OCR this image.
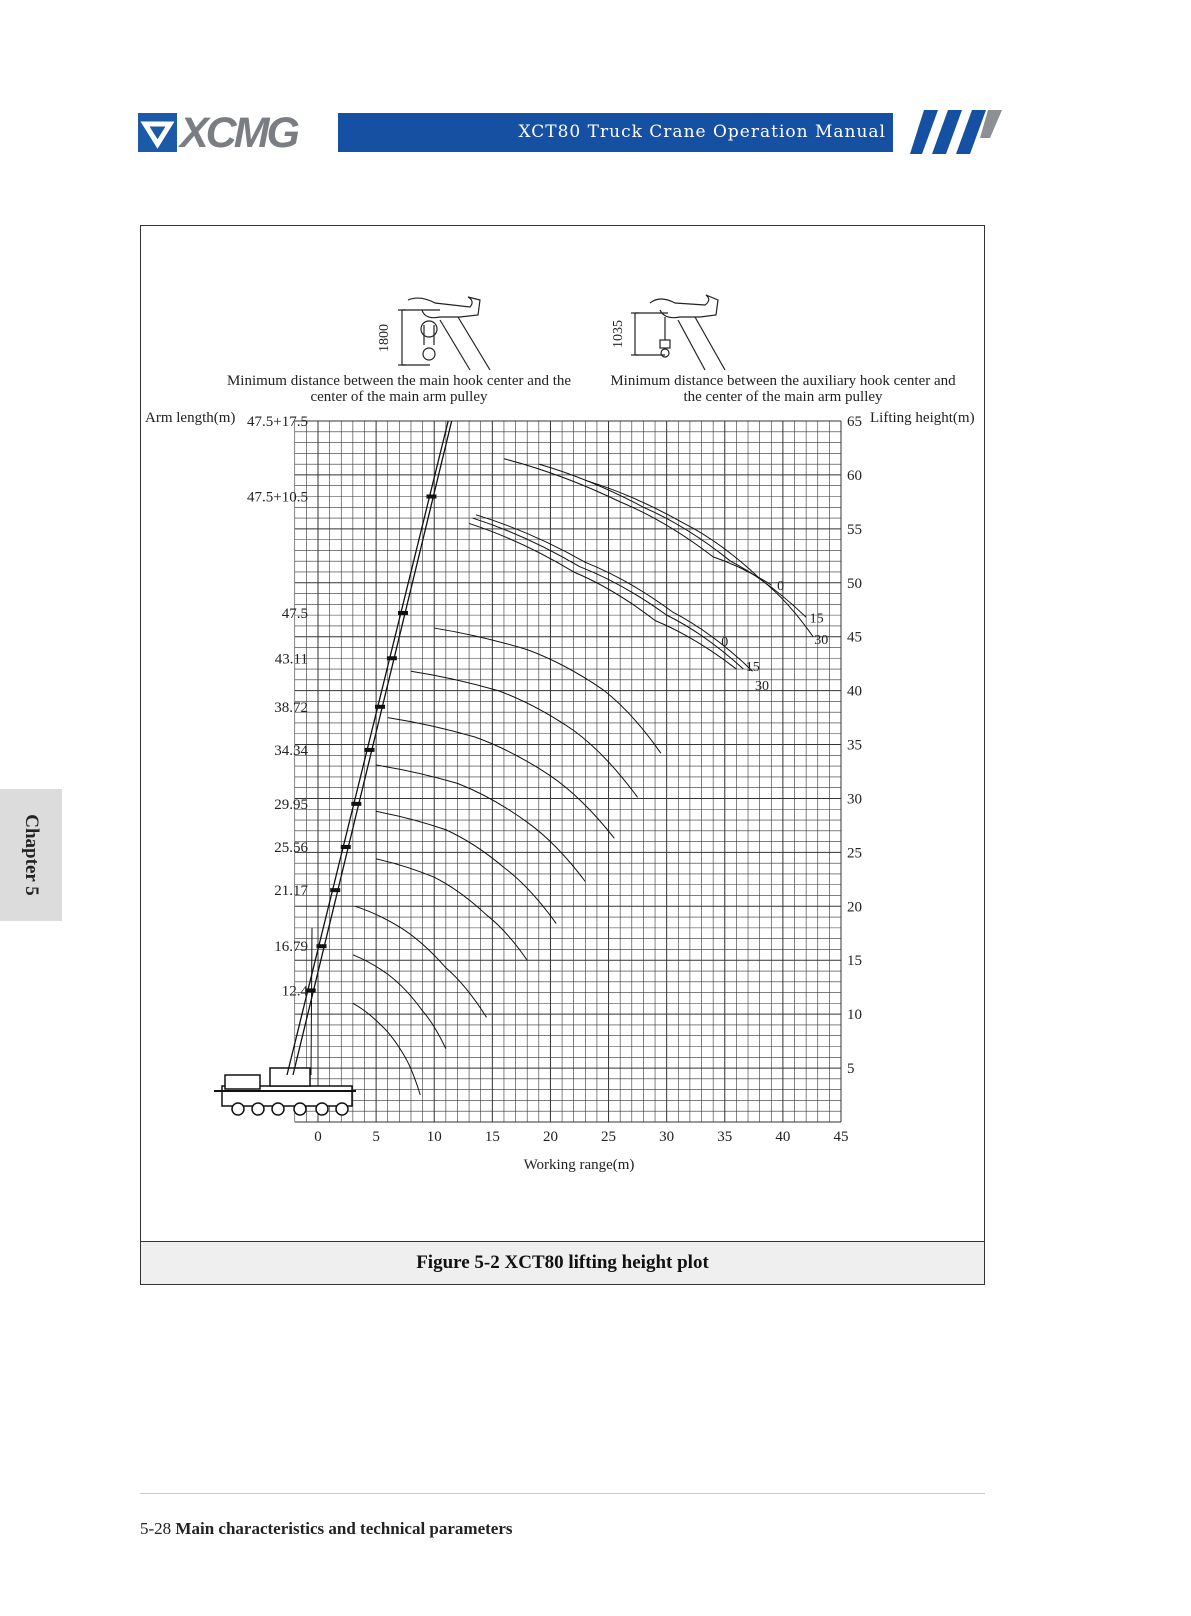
XCMG	XCT80 Truck Crane Operation Manual
Chapter 5
1800	1035
Minimum distance between the main hook center and the
center of the main arm pulley
Minimum distance between the auxiliary hook center and
the center of the main arm pulley
Arm length(m)	Lifting height(m)
Working range(m)
0	5	10	15	20	25	30	35	40	45
5
10
15
20
25
30
35
40
45
50
55
60
65
47.5+17.5
47.5+10.5
47.5
43.11
38.72
34.34
29.95
25.56
21.17
16.79
12.4
0
15
30
0
15
30
Figure 5-2 XCT80 lifting height plot
5-28 Main characteristics and technical parameters
